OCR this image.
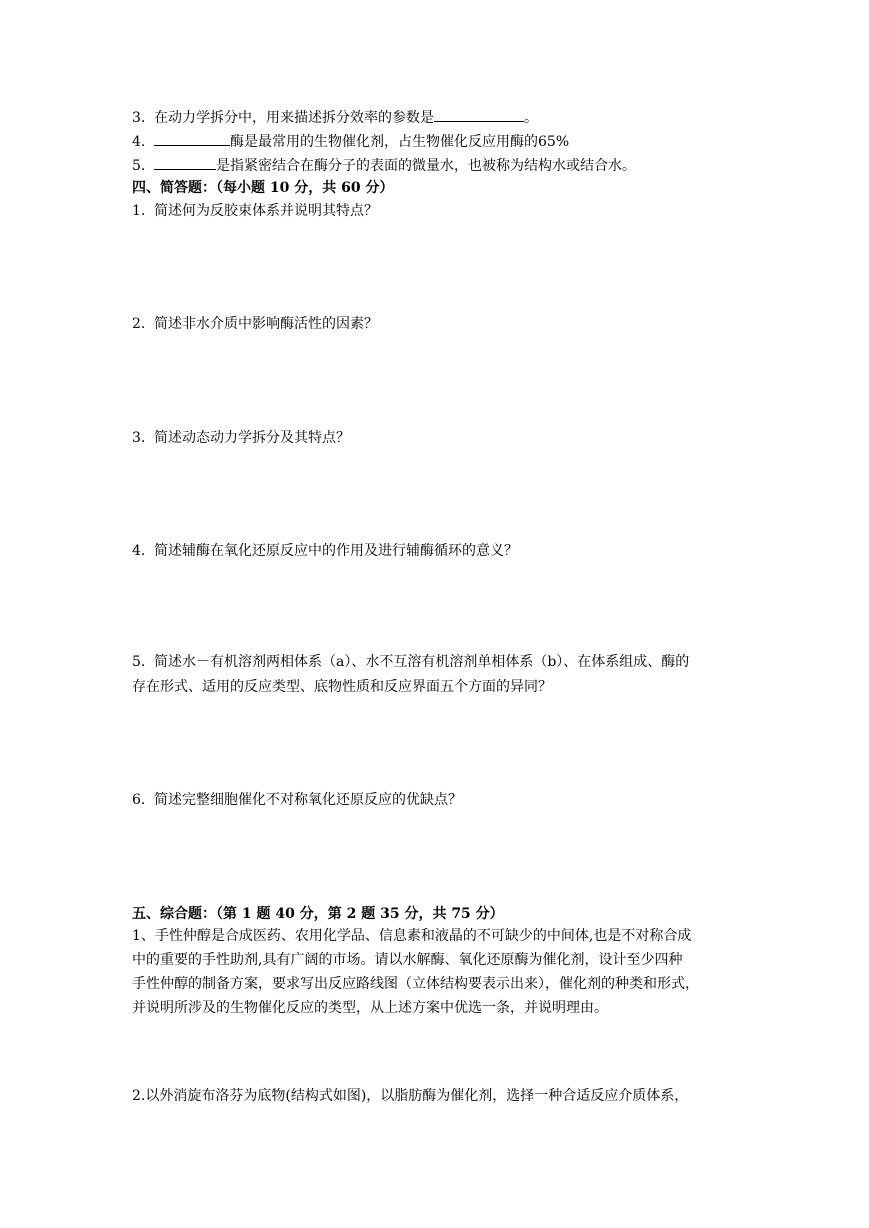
3. 在动力学拆分中，用来描述拆分效率的参数是	。
4.	酶是最常用的生物催化剂，占生物催化反应用酶的65%
5.	是指紧密结合在酶分子的表面的微量水，也被称为结构水或结合水。
四、简答题：（每小题 10 分，共 60 分）
1. 简述何为反胶束体系并说明其特点？
2. 简述非水介质中影响酶活性的因素？
3. 简述动态动力学拆分及其特点？
4. 简述辅酶在氧化还原反应中的作用及进行辅酶循环的意义？
5. 简述水－有机溶剂两相体系（a）、水不互溶有机溶剂单相体系（b）、在体系组成、酶的
存在形式、适用的反应类型、底物性质和反应界面五个方面的异同？
6. 简述完整细胞催化不对称氧化还原反应的优缺点？
五、综合题：（第 1 题 40 分，第 2 题 35 分，共 75 分）
1、手性仲醇是合成医药、农用化学品、信息素和液晶的不可缺少的中间体,也是不对称合成
中的重要的手性助剂,具有广阔的市场。请以水解酶、氧化还原酶为催化剂，设计至少四种
手性仲醇的制备方案，要求写出反应路线图（立体结构要表示出来），催化剂的种类和形式，
并说明所涉及的生物催化反应的类型，从上述方案中优选一条，并说明理由。
2.以外消旋布洛芬为底物(结构式如图)，以脂肪酶为催化剂，选择一种合适反应介质体系，
